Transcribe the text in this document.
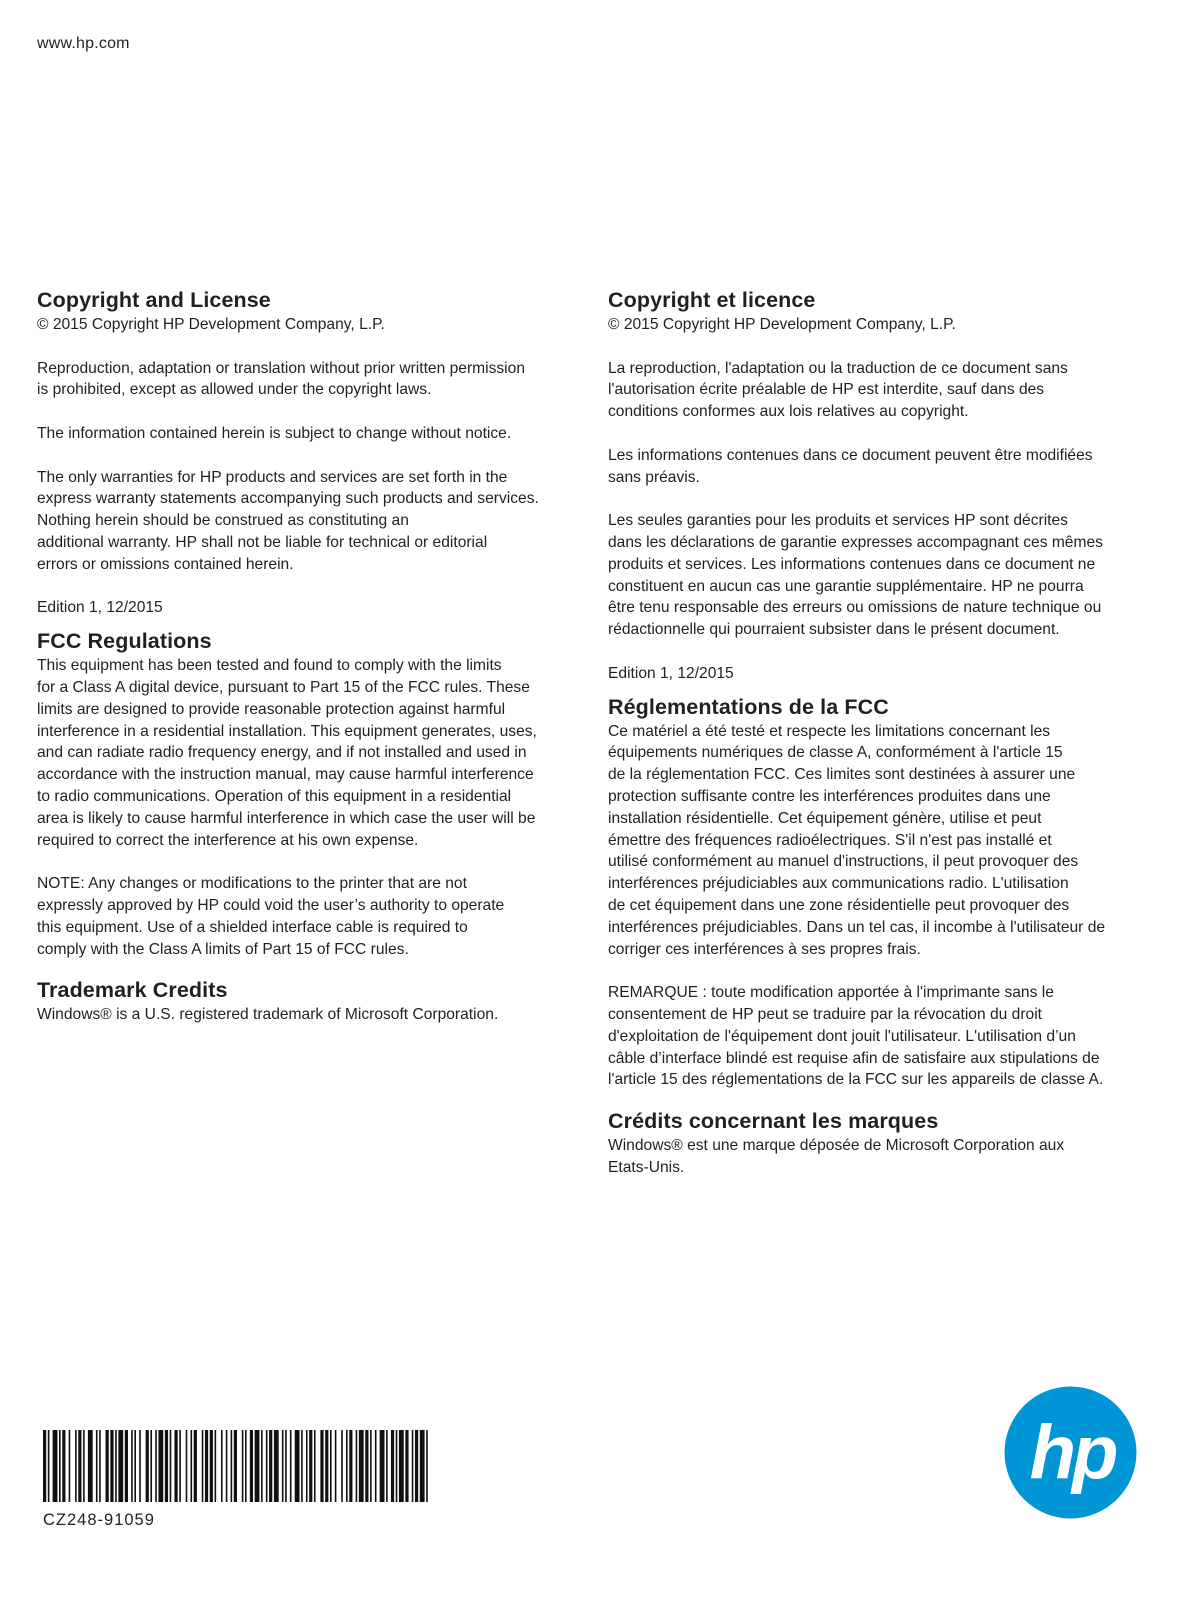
www.hp.com
Copyright and License

© 2015 Copyright HP Development Company, L.P.

Reproduction, adaptation or translation without prior written permission
is prohibited, except as allowed under the copyright laws.

The information contained herein is subject to change without notice.

The only warranties for HP products and services are set forth in the
express warranty statements accompanying such products and services.
Nothing herein should be construed as constituting an
additional warranty. HP shall not be liable for technical or editorial
errors or omissions contained herein.

Edition 1, 12/2015

FCC Regulations

This equipment has been tested and found to comply with the limits
for a Class A digital device, pursuant to Part 15 of the FCC rules. These
limits are designed to provide reasonable protection against harmful
interference in a residential installation. This equipment generates, uses,
and can radiate radio frequency energy, and if not installed and used in
accordance with the instruction manual, may cause harmful interference
to radio communications. Operation of this equipment in a residential
area is likely to cause harmful interference in which case the user will be
required to correct the interference at his own expense.

NOTE: Any changes or modifications to the printer that are not
expressly approved by HP could void the user’s authority to operate
this equipment. Use of a shielded interface cable is required to
comply with the Class A limits of Part 15 of FCC rules.

Trademark Credits

Windows® is a U.S. registered trademark of Microsoft Corporation.

Copyright et licence

© 2015 Copyright HP Development Company, L.P.

La reproduction, l'adaptation ou la traduction de ce document sans
l'autorisation écrite préalable de HP est interdite, sauf dans des
conditions conformes aux lois relatives au copyright.

Les informations contenues dans ce document peuvent être modifiées
sans préavis.

Les seules garanties pour les produits et services HP sont décrites
dans les déclarations de garantie expresses accompagnant ces mêmes
produits et services. Les informations contenues dans ce document ne
constituent en aucun cas une garantie supplémentaire. HP ne pourra
être tenu responsable des erreurs ou omissions de nature technique ou
rédactionnelle qui pourraient subsister dans le présent document.

Edition 1, 12/2015

Réglementations de la FCC

Ce matériel a été testé et respecte les limitations concernant les
équipements numériques de classe A, conformément à l'article 15
de la réglementation FCC. Ces limites sont destinées à assurer une
protection suffisante contre les interférences produites dans une
installation résidentielle. Cet équipement génère, utilise et peut
émettre des fréquences radioélectriques. S'il n'est pas installé et
utilisé conformément au manuel d'instructions, il peut provoquer des
interférences préjudiciables aux communications radio. L'utilisation
de cet équipement dans une zone résidentielle peut provoquer des
interférences préjudiciables. Dans un tel cas, il incombe à l'utilisateur de
corriger ces interférences à ses propres frais.

REMARQUE : toute modification apportée à l'imprimante sans le
consentement de HP peut se traduire par la révocation du droit
d'exploitation de l'équipement dont jouit l'utilisateur. L'utilisation d’un
câble d’interface blindé est requise afin de satisfaire aux stipulations de
l'article 15 des réglementations de la FCC sur les appareils de classe A.

Crédits concernant les marques

Windows® est une marque déposée de Microsoft Corporation aux
Etats-Unis.

CZ248-91059
hp
